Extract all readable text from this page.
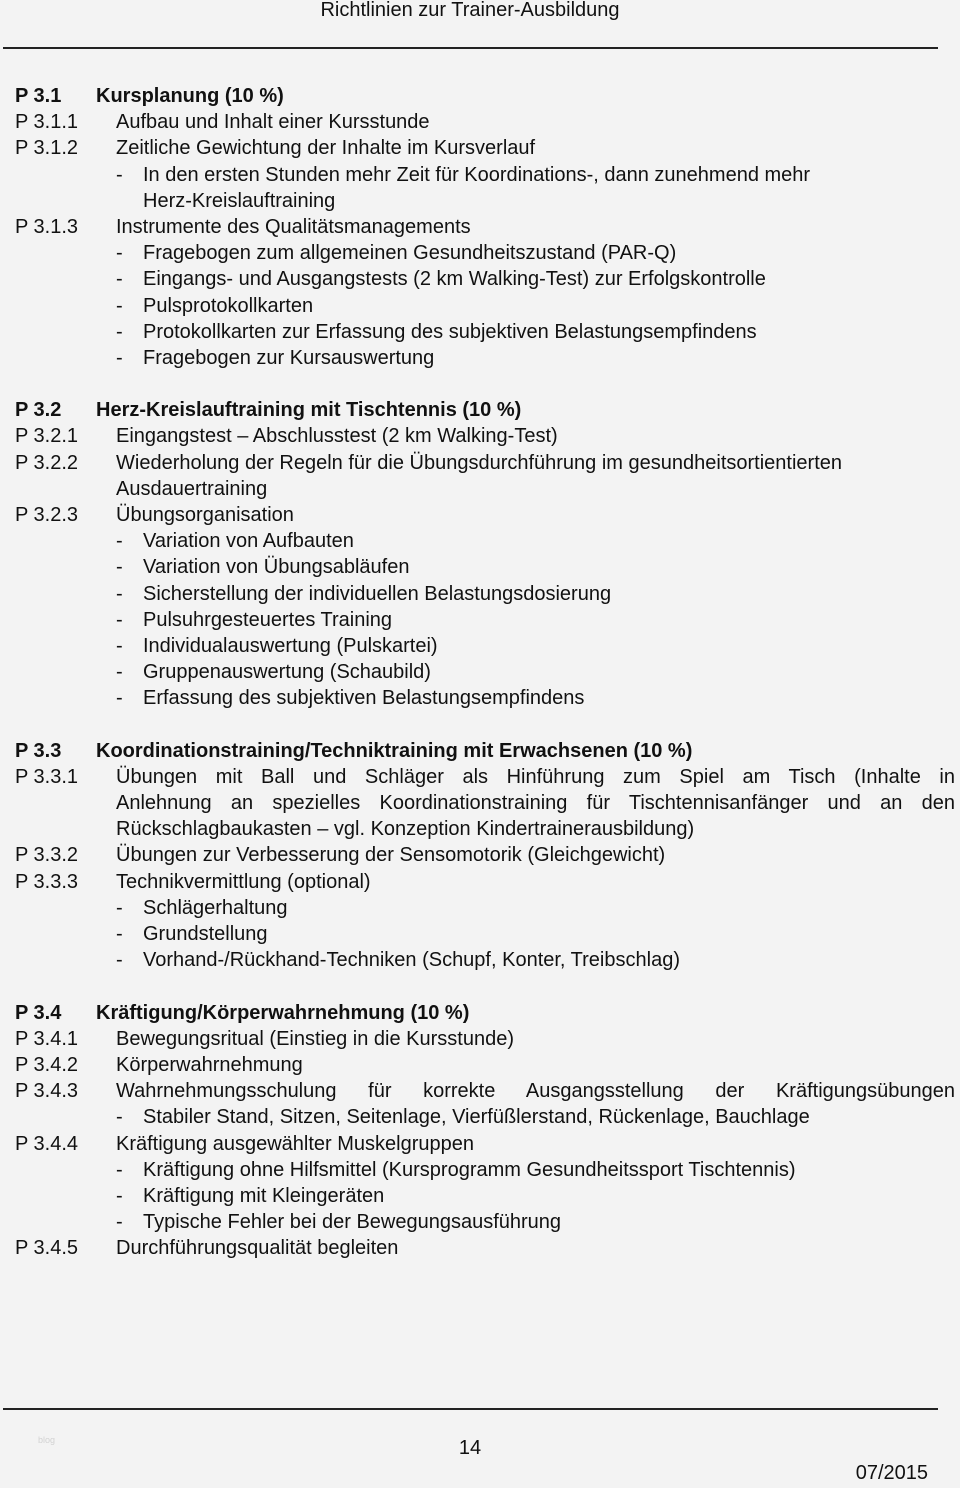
Richtlinien zur Trainer-Ausbildung
P 3.1 Kursplanung (10 %)
P 3.1.1 Aufbau und Inhalt einer Kursstunde
P 3.1.2 Zeitliche Gewichtung der Inhalte im Kursverlauf
- In den ersten Stunden mehr Zeit für Koordinations-, dann zunehmend mehr
Herz-Kreislauftraining
P 3.1.3 Instrumente des Qualitätsmanagements
- Fragebogen zum allgemeinen Gesundheitszustand (PAR-Q)
- Eingangs- und Ausgangstests (2 km Walking-Test) zur Erfolgskontrolle
- Pulsprotokollkarten
- Protokollkarten zur Erfassung des subjektiven Belastungsempfindens
- Fragebogen zur Kursauswertung
P 3.2 Herz-Kreislauftraining mit Tischtennis (10 %)
P 3.2.1 Eingangstest – Abschlusstest (2 km Walking-Test)
P 3.2.2 Wiederholung der Regeln für die Übungsdurchführung im gesundheitsortientierten
Ausdauertraining
P 3.2.3 Übungsorganisation
- Variation von Aufbauten
- Variation von Übungsabläufen
- Sicherstellung der individuellen Belastungsdosierung
- Pulsuhrgesteuertes Training
- Individualauswertung (Pulskartei)
- Gruppenauswertung (Schaubild)
- Erfassung des subjektiven Belastungsempfindens
P 3.3 Koordinationstraining/Techniktraining mit Erwachsenen (10 %)
P 3.3.1 Übungen mit Ball und Schläger als Hinführung zum Spiel am Tisch (Inhalte in
Anlehnung an spezielles Koordinationstraining für Tischtennisanfänger und an den
Rückschlagbaukasten – vgl. Konzeption Kindertrainerausbildung)
P 3.3.2 Übungen zur Verbesserung der Sensomotorik (Gleichgewicht)
P 3.3.3 Technikvermittlung (optional)
- Schlägerhaltung
- Grundstellung
- Vorhand-/Rückhand-Techniken (Schupf, Konter, Treibschlag)
P 3.4 Kräftigung/Körperwahrnehmung (10 %)
P 3.4.1 Bewegungsritual (Einstieg in die Kursstunde)
P 3.4.2 Körperwahrnehmung
P 3.4.3 Wahrnehmungsschulung für korrekte Ausgangsstellung der Kräftigungsübungen
- Stabiler Stand, Sitzen, Seitenlage, Vierfüßlerstand, Rückenlage, Bauchlage
P 3.4.4 Kräftigung ausgewählter Muskelgruppen
- Kräftigung ohne Hilfsmittel (Kursprogramm Gesundheitssport Tischtennis)
- Kräftigung mit Kleingeräten
- Typische Fehler bei der Bewegungsausführung
P 3.4.5 Durchführungsqualität begleiten
blog	14
07/2015
